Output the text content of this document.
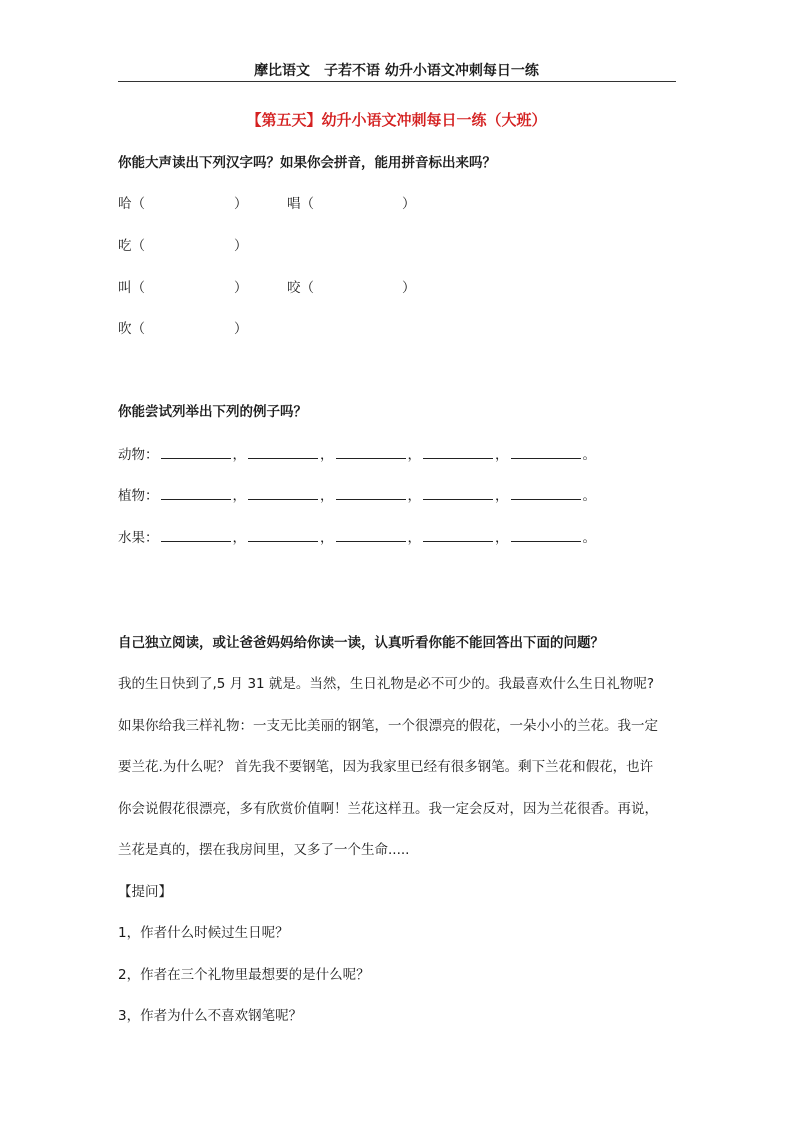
摩比语文　子若不语 幼升小语文冲刺每日一练
【第五天】幼升小语文冲刺每日一练（大班）
你能大声读出下列汉字吗？如果你会拼音，能用拼音标出来吗？
哈（	）	唱（	）
吃（	）
叫（	）	咬（	）
吹（	）
你能尝试列举出下列的例子吗？
动物：	，	，	，	，	。
植物：	，	，	，	，	。
水果：	，	，	，	，	。
自己独立阅读，或让爸爸妈妈给你读一读，认真听看你能不能回答出下面的问题？
我的生日快到了,5 月 31 就是。当然，生日礼物是必不可少的。我最喜欢什么生日礼物呢?
如果你给我三样礼物：一支无比美丽的钢笔，一个很漂亮的假花，一朵小小的兰花。我一定
要兰花.为什么呢？ 首先我不要钢笔，因为我家里已经有很多钢笔。剩下兰花和假花，也许
你会说假花很漂亮，多有欣赏价值啊！兰花这样丑。我一定会反对，因为兰花很香。再说，
兰花是真的，摆在我房间里，又多了一个生命.....
【提问】
1，作者什么时候过生日呢？
2，作者在三个礼物里最想要的是什么呢？
3，作者为什么不喜欢钢笔呢？
